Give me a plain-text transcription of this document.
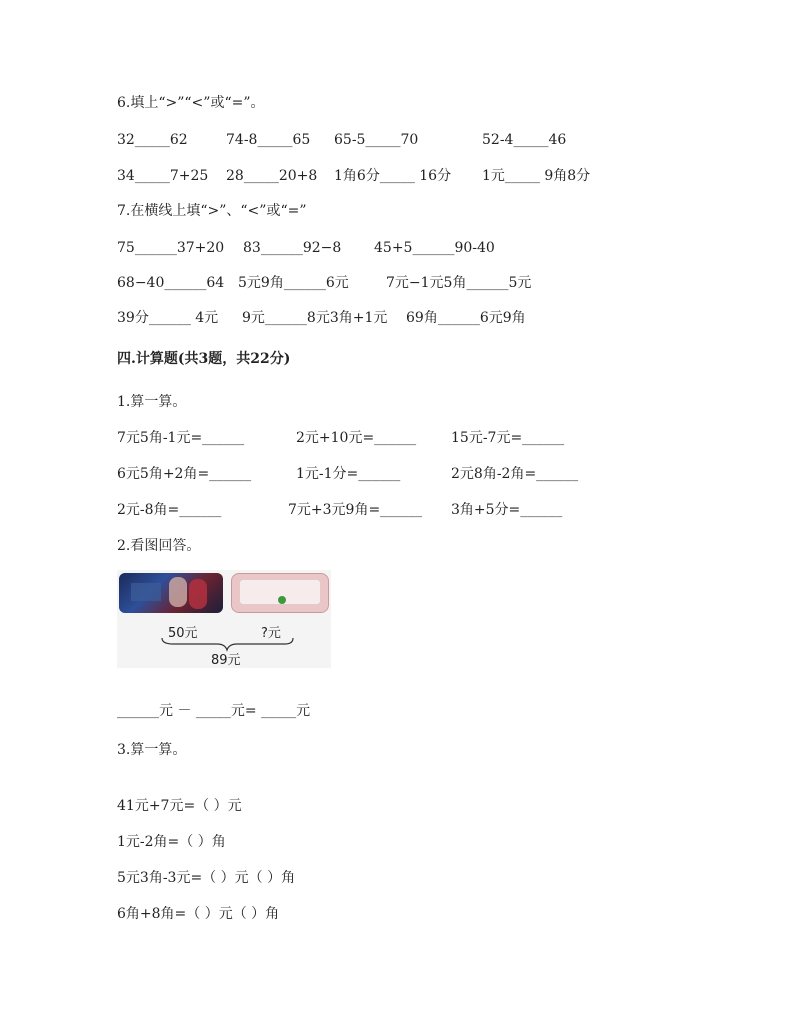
6.填上“>”“<”或“=”。
32_____62	74-8_____65 65-5_____70	52-4_____46
34_____7+25 28_____20+8 1角6分_____ 16分 1元_____ 9角8分
7.在横线上填“>”、“<”或“=”
75______37+20 83______92−8 45+5______90-40
68−40______64 5元9角______6元	7元−1元5角______5元
39分______ 4元 9元______8元3角+1元 69角______6元9角
四.计算题(共3题，共22分)
1.算一算。
7元5角-1元=______	2元+10元=______ 15元-7元=______
6元5角+2角=______	1元-1分=______	2元8角-2角=______
2元-8角=______	7元+3元9角=______ 3角+5分=______
2.看图回答。
50元	?元
89元
______元 － _____元= _____元
3.算一算。
41元+7元=（ ）元
1元-2角=（ ）角
5元3角-3元=（ ）元（ ）角
6角+8角=（ ）元（ ）角
